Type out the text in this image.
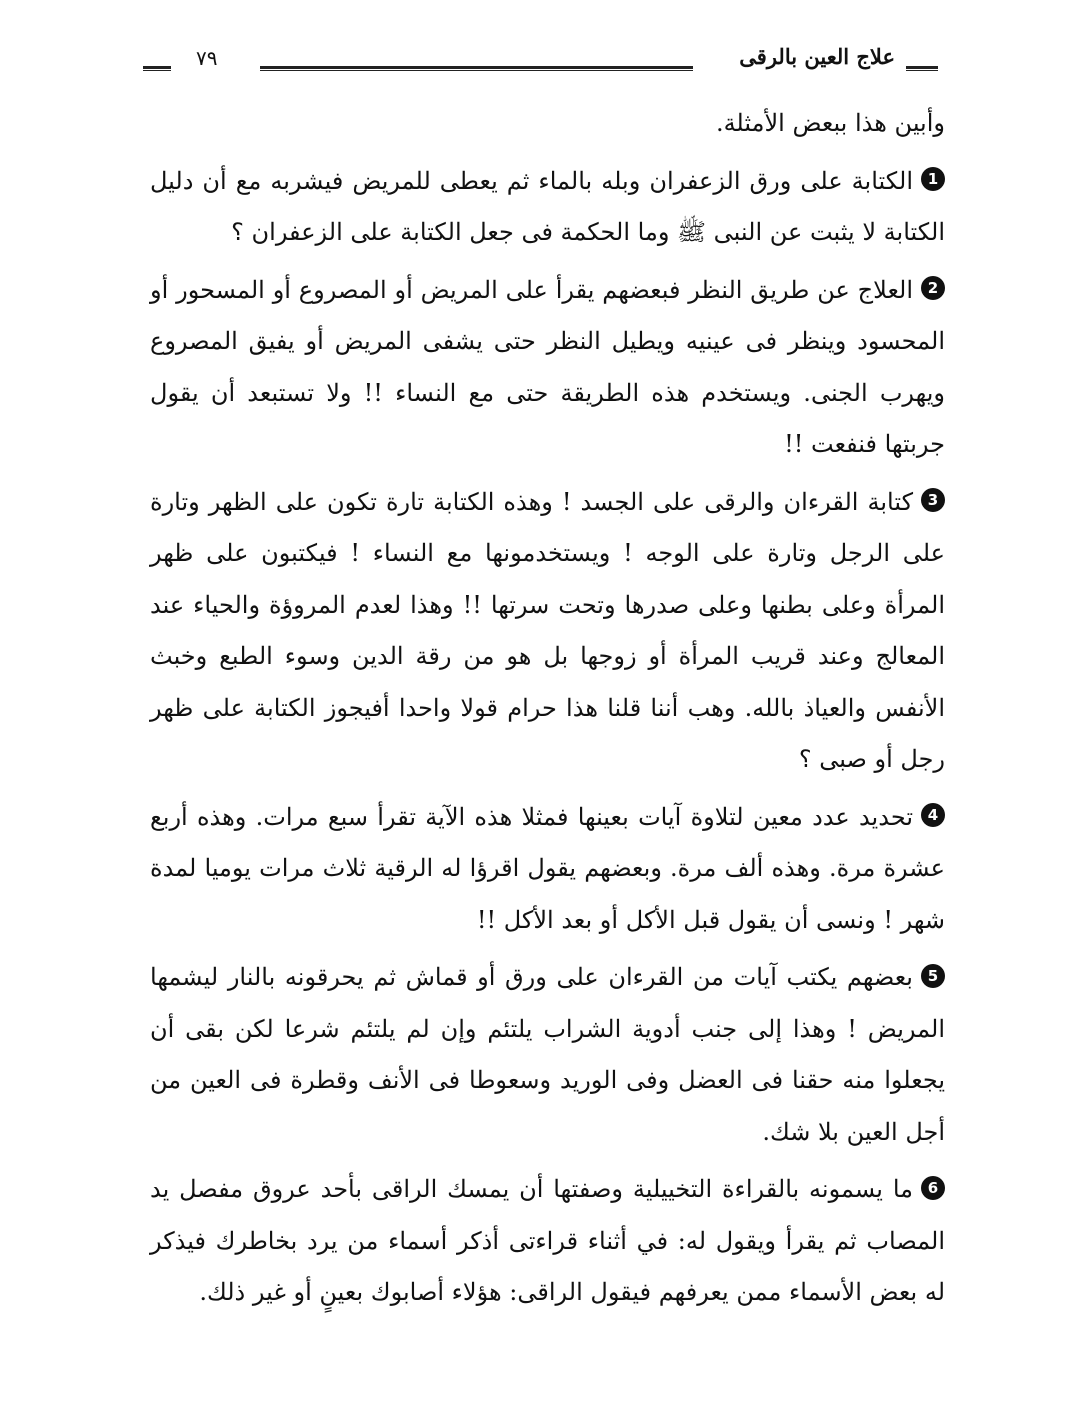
علاج العين بالرقى
٧٩

وأبين هذا ببعض الأمثلة.

1الكتابة على ورق الزعفران وبله بالماء ثم يعطى للمريض فيشربه مع أن دليل الكتابة لا يثبت عن النبى ﷺ وما الحكمة فى جعل الكتابة على الزعفران ؟

2العلاج عن طريق النظر فبعضهم يقرأ على المريض أو المصروع أو المسحور أو المحسود وينظر فى عينيه ويطيل النظر حتى يشفى المريض أو يفيق المصروع ويهرب الجنى. ويستخدم هذه الطريقة حتى مع النساء !! ولا تستبعد أن يقول جربتها فنفعت !!

3كتابة القرءان والرقى على الجسد ! وهذه الكتابة تارة تكون على الظهر وتارة على الرجل وتارة على الوجه ! ويستخدمونها مع النساء ! فيكتبون على ظهر المرأة وعلى بطنها وعلى صدرها وتحت سرتها !! وهذا لعدم المروؤة والحياء عند المعالج وعند قريب المرأة أو زوجها بل هو من رقة الدين وسوء الطبع وخبث الأنفس والعياذ بالله. وهب أننا قلنا هذا حرام قولا واحدا أفيجوز الكتابة على ظهر رجل أو صبى ؟

4تحديد عدد معين لتلاوة آيات بعينها فمثلا هذه الآية تقرأ سبع مرات. وهذه أربع عشرة مرة. وهذه ألف مرة. وبعضهم يقول اقرؤا له الرقية ثلاث مرات يوميا لمدة شهر ! ونسى أن يقول قبل الأكل أو بعد الأكل !!

5بعضهم يكتب آيات من القرءان على ورق أو قماش ثم يحرقونه بالنار ليشمها المريض ! وهذا إلى جنب أدوية الشراب يلتئم وإن لم يلتئم شرعا لكن بقى أن يجعلوا منه حقنا فى العضل وفى الوريد وسعوطا فى الأنف وقطرة فى العين من أجل العين بلا شك.

6ما يسمونه بالقراءة التخييلية وصفتها أن يمسك الراقى بأحد عروق مفصل يد المصاب ثم يقرأ ويقول له: في أثناء قراءتى أذكر أسماء من يرد بخاطرك فيذكر له بعض الأسماء ممن يعرفهم فيقول الراقى: هؤلاء أصابوك بعينٍ أو غير ذلك.
